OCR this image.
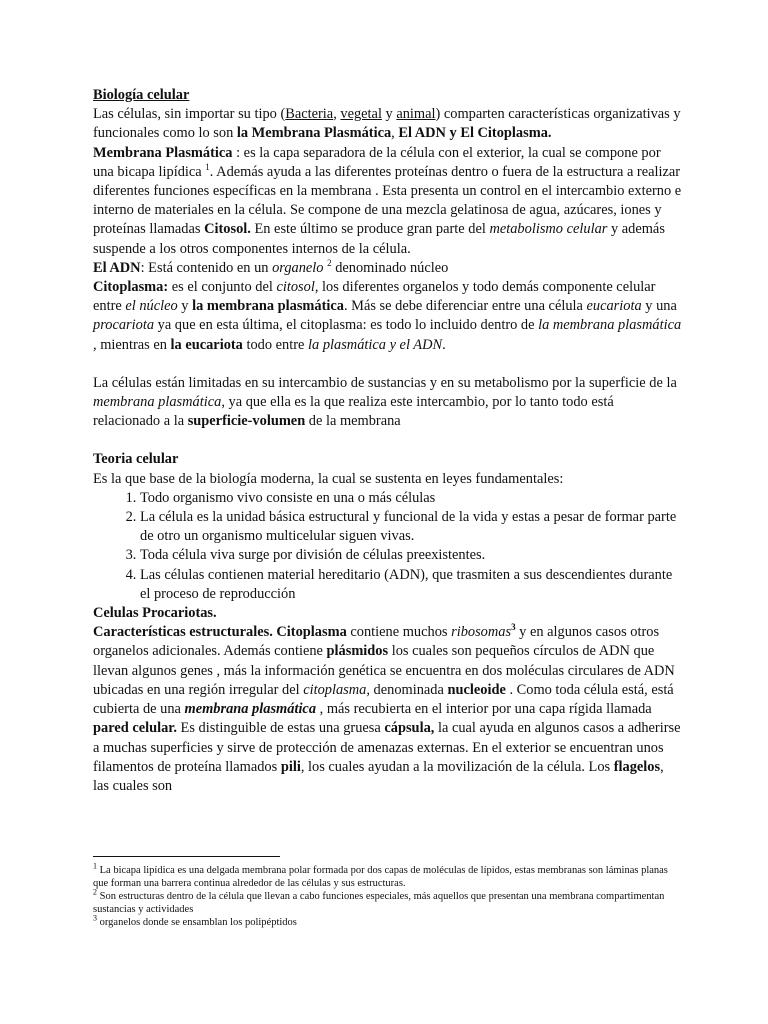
Biología celular

Las células, sin importar su tipo (Bacteria, vegetal y animal) comparten características organizativas y funcionales como lo son la Membrana Plasmática, El ADN y El Citoplasma.

Membrana Plasmática : es la capa separadora de la célula con el exterior, la cual se compone por una bicapa lipídica $^1$. Además ayuda a las diferentes proteínas dentro o fuera de la estructura a realizar diferentes funciones específicas en la membrana . Esta presenta un control en el intercambio externo e interno de materiales en la célula. Se compone de una mezcla gelatinosa de agua, azúcares, iones y proteínas llamadas Citosol. En este último se produce gran parte del metabolismo celular y además suspende a los otros componentes internos de la célula.

El ADN: Está contenido en un organelo $^2$ denominado núcleo

Citoplasma: es el conjunto del citosol, los diferentes organelos y todo demás componente celular entre el núcleo y la membrana plasmática. Más se debe diferenciar entre una célula eucariota y una procariota ya que en esta última, el citoplasma: es todo lo incluido dentro de la membrana plasmática , mientras en la eucariota todo entre la plasmática y el ADN.

La células están limitadas en su intercambio de sustancias y en su metabolismo por la superficie de la membrana plasmática, ya que ella es la que realiza este intercambio, por lo tanto todo está relacionado a la superficie-volumen de la membrana

Teoria celular

Es la que base de la biología moderna, la cual se sustenta en leyes fundamentales:

1. Todo organismo vivo consiste en una o más células
2. La célula es la unidad básica estructural y funcional de la vida y estas a pesar de formar parte de otro un organismo multicelular siguen vivas.
3. Toda célula viva surge por división de células preexistentes.
4. Las células contienen material hereditario (ADN), que trasmiten a sus descendientes durante el proceso de reproducción

Celulas Procariotas.

Características estructurales. Citoplasma contiene muchos ribosomas$^3$ y en algunos casos otros organelos adicionales. Además contiene plásmidos los cuales son pequeños círculos de ADN que llevan algunos genes , más la información genética se encuentra en dos moléculas circulares de ADN ubicadas en una región irregular del citoplasma, denominada nucleoide . Como toda célula está, está cubierta de una membrana plasmática , más recubierta en el interior por una capa rígida llamada pared celular. Es distinguible de estas una gruesa cápsula, la cual ayuda en algunos casos a adherirse a muchas superficies y sirve de protección de amenazas externas. En el exterior se encuentran unos filamentos de proteína llamados pili, los cuales ayudan a la movilización de la célula. Los flagelos, las cuales son

$^1$ La bicapa lipídica es una delgada membrana polar formada por dos capas de moléculas de lípidos, estas membranas son láminas planas que forman una barrera continua alrededor de las células y sus estructuras.

$^2$ Son estructuras dentro de la célula que llevan a cabo funciones especiales, más aquellos que presentan una membrana compartimentan sustancias y actividades

$^3$ organelos donde se ensamblan los polipéptidos
